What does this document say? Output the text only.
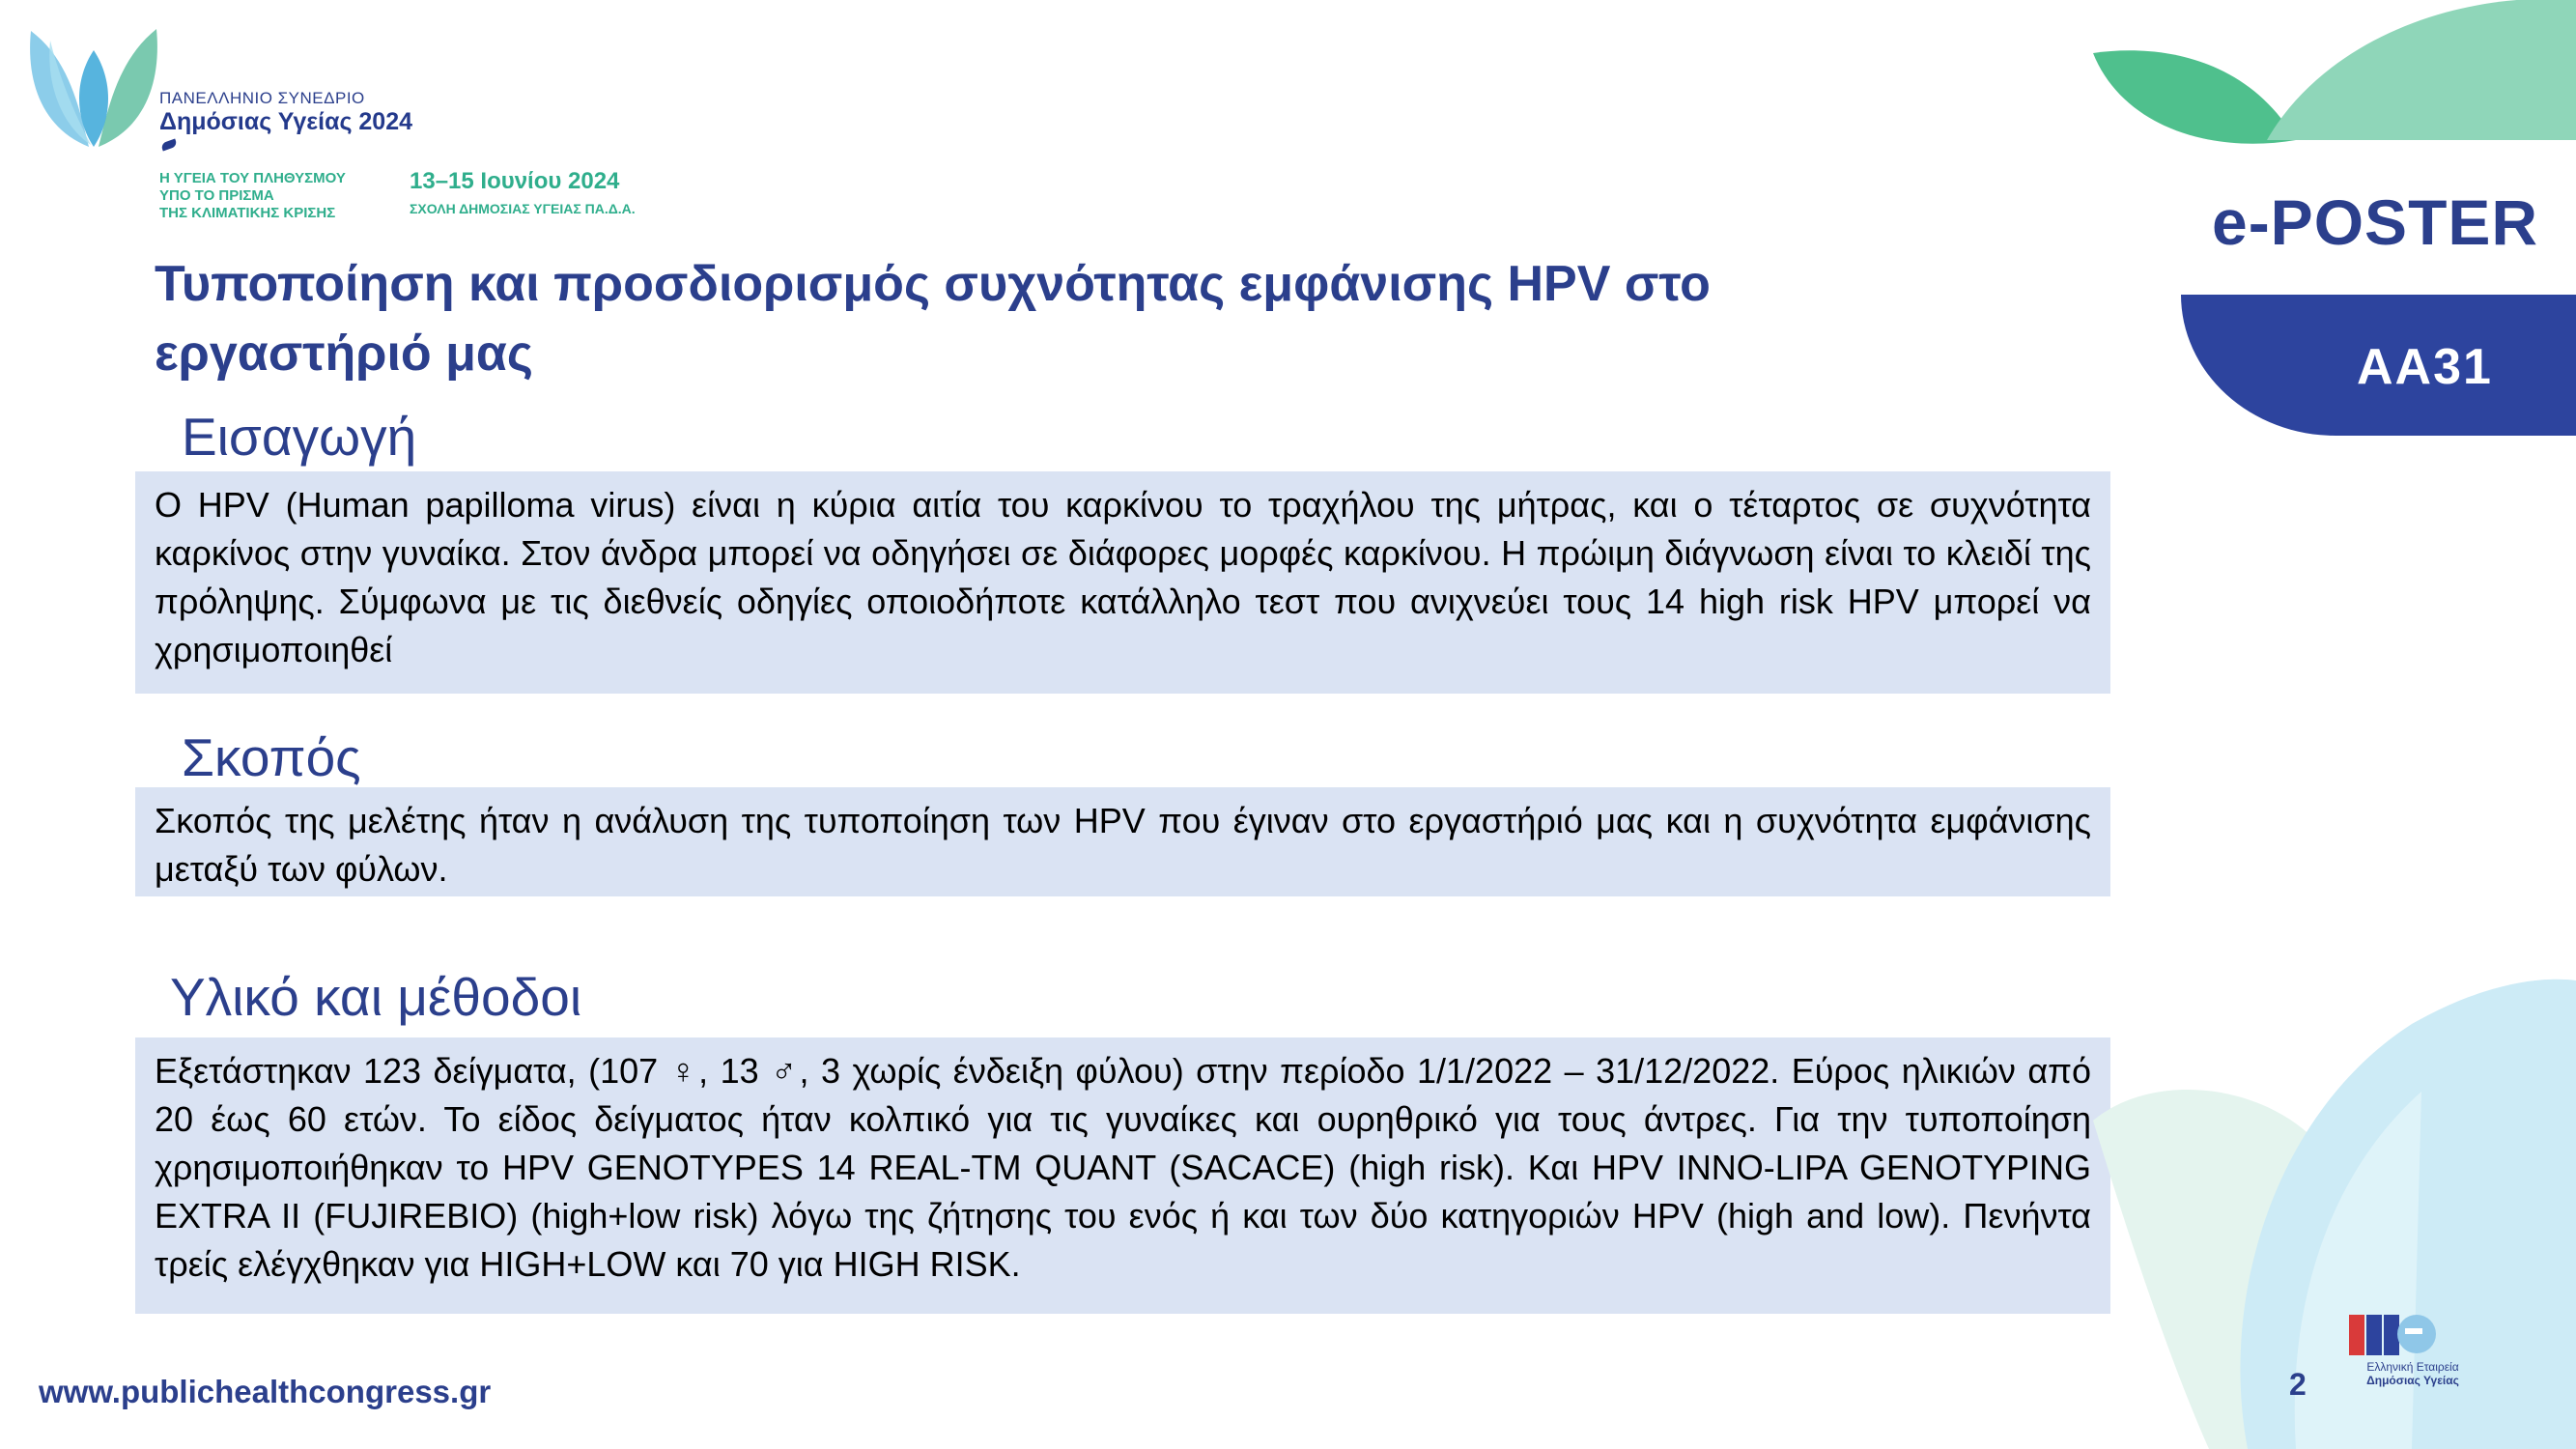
ΠΑΝΕΛΛΗΝΙΟ ΣΥΝΕΔΡΙΟ
Δημόσιας Υγείας 2024
Η ΥΓΕΙΑ ΤΟΥ ΠΛΗΘΥΣΜΟΥ
ΥΠΟ ΤΟ ΠΡΙΣΜΑ
ΤΗΣ ΚΛΙΜΑΤΙΚΗΣ ΚΡΙΣΗΣ
13–15 Ιουνίου 2024
ΣΧΟΛΗ ΔΗΜΟΣΙΑΣ ΥΓΕΙΑΣ ΠΑ.Δ.Α.	e-POSTER
AA31
Τυποποίηση και προσδιορισμός συχνότητας εμφάνισης HPV στο εργαστήριό μας
Εισαγωγή
Ο HPV (Human papilloma virus) είναι η κύρια αιτία του καρκίνου το τραχήλου της μήτρας, και ο τέταρτος σε συχνότητα καρκίνος στην γυναίκα. Στον άνδρα μπορεί να οδηγήσει σε διάφορες μορφές καρκίνου. Η πρώιμη διάγνωση είναι το κλειδί της πρόληψης. Σύμφωνα με τις διεθνείς οδηγίες οποιοδήποτε κατάλληλο τεστ που ανιχνεύει τους 14 high risk HPV μπορεί να χρησιμοποιηθεί
Σκοπός
Σκοπός της μελέτης ήταν η ανάλυση της τυποποίηση των HPV που έγιναν στο εργαστήριό μας και η συχνότητα εμφάνισης μεταξύ των φύλων.
Υλικό και μέθοδοι
Εξετάστηκαν 123 δείγματα, (107 ♀, 13 ♂, 3 χωρίς ένδειξη φύλου) στην περίοδο 1/1/2022 – 31/12/2022. Εύρος ηλικιών από 20 έως 60 ετών. Το είδος δείγματος ήταν κολπικό για τις γυναίκες και ουρηθρικό για τους άντρες. Για την τυποποίηση χρησιμοποιήθηκαν το HPV GENOTYPES 14 REAL-TM QUANT (SACACE) (high risk). Και HPV INNO-LIPA GENOTYPING EXTRA II (FUJIREBIO) (high+low risk) λόγω της ζήτησης του ενός ή και των δύο κατηγοριών HPV (high and low). Πενήντα τρείς ελέγχθηκαν για HIGH+LOW και 70 για HIGH RISK.
Ελληνική Εταιρεία
Δημόσιας Υγείας
www.publichealthcongress.gr	2
